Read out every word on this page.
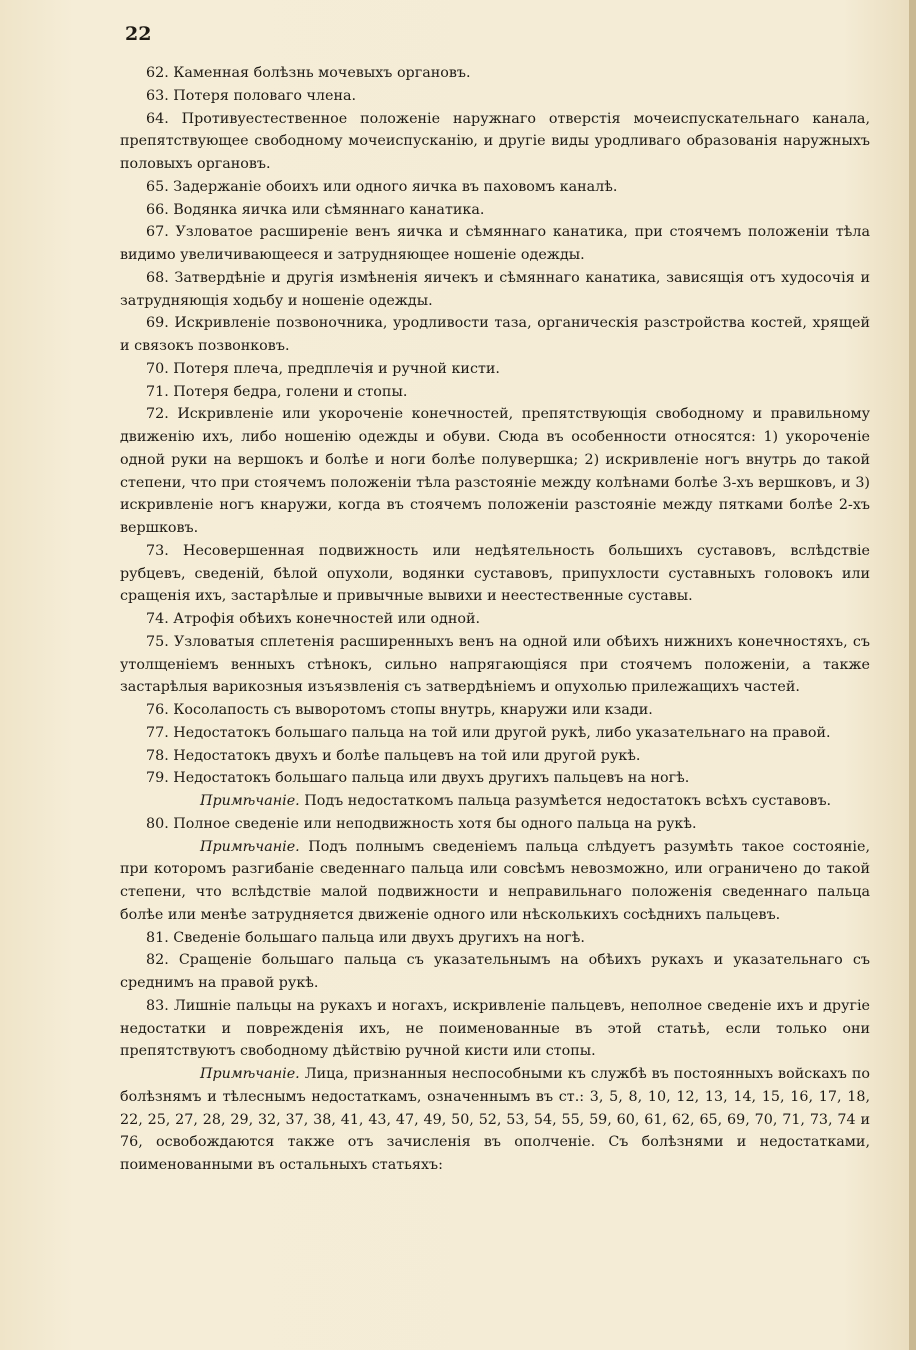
22

62. Каменная болѣзнь мочевыхъ органовъ.

63. Потеря половаго члена.

64. Противуестественное положеніе наружнаго отверстія мочеиспускательнаго канала, препятствующее свободному мочеиспусканію, и другіе виды уродливаго образованія наружныхъ половыхъ органовъ.

65. Задержаніе обоихъ или одного яичка въ паховомъ каналѣ.

66. Водянка яичка или сѣмяннаго канатика.

67. Узловатое расширеніе венъ яичка и сѣмяннаго канатика, при стоячемъ положеніи тѣла видимо увеличивающееся и затрудняющее ношеніе одежды.

68. Затвердѣніе и другія измѣненія яичекъ и сѣмяннаго канатика, зависящія отъ худосочія и затрудняющія ходьбу и ношеніе одежды.

69. Искривленіе позвоночника, уродливости таза, органическія разстройства костей, хрящей и связокъ позвонковъ.

70. Потеря плеча, предплечія и ручной кисти.

71. Потеря бедра, голени и стопы.

72. Искривленіе или укороченіе конечностей, препятствующія свободному и правильному движенію ихъ, либо ношенію одежды и обуви. Сюда въ особенности относятся: 1) укороченіе одной руки на вершокъ и болѣе и ноги болѣе полувершка; 2) искривленіе ногъ внутрь до такой степени, что при стоячемъ положеніи тѣла разстояніе между колѣнами болѣе 3-хъ вершковъ, и 3) искривленіе ногъ кнаружи, когда въ стоячемъ положеніи разстояніе между пятками болѣе 2-хъ вершковъ.

73. Несовершенная подвижность или недѣятельность большихъ суставовъ, вслѣдствіе рубцевъ, сведеній, бѣлой опухоли, водянки суставовъ, припухлости суставныхъ головокъ или сращенія ихъ, застарѣлые и привычные вывихи и неестественные суставы.

74. Атрофія обѣихъ конечностей или одной.

75. Узловатыя сплетенія расширенныхъ венъ на одной или обѣихъ нижнихъ конечностяхъ, съ утолщеніемъ венныхъ стѣнокъ, сильно напрягающіяся при стоячемъ положеніи, а также застарѣлыя варикозныя изъязвленія съ затвердѣніемъ и опухолью прилежащихъ частей.

76. Косолапость съ выворотомъ стопы внутрь, кнаружи или кзади.

77. Недостатокъ большаго пальца на той или другой рукѣ, либо указательнаго на правой.

78. Недостатокъ двухъ и болѣе пальцевъ на той или другой рукѣ.

79. Недостатокъ большаго пальца или двухъ другихъ пальцевъ на ногѣ.

Примѣчаніе. Подъ недостаткомъ пальца разумѣется недостатокъ всѣхъ суставовъ.

80. Полное сведеніе или неподвижность хотя бы одного пальца на рукѣ.

Примѣчаніе. Подъ полнымъ сведеніемъ пальца слѣдуетъ разумѣть такое состояніе, при которомъ разгибаніе сведеннаго пальца или совсѣмъ невозможно, или ограничено до такой степени, что вслѣдствіе малой подвижности и неправильнаго положенія сведеннаго пальца болѣе или менѣе затрудняется движеніе одного или нѣсколькихъ сосѣднихъ пальцевъ.

81. Сведеніе большаго пальца или двухъ другихъ на ногѣ.

82. Сращеніе большаго пальца съ указательнымъ на обѣихъ рукахъ и указательнаго съ среднимъ на правой рукѣ.

83. Лишніе пальцы на рукахъ и ногахъ, искривленіе пальцевъ, неполное сведеніе ихъ и другіе недостатки и поврежденія ихъ, не поименованные въ этой статьѣ, если только они препятствуютъ свободному дѣйствію ручной кисти или стопы.

Примѣчаніе. Лица, признанныя неспособными къ службѣ въ постоянныхъ войскахъ по болѣзнямъ и тѣлеснымъ недостаткамъ, означеннымъ въ ст.: 3, 5, 8, 10, 12, 13, 14, 15, 16, 17, 18, 22, 25, 27, 28, 29, 32, 37, 38, 41, 43, 47, 49, 50, 52, 53, 54, 55, 59, 60, 61, 62, 65, 69, 70, 71, 73, 74 и 76, освобождаются также отъ зачисленія въ ополченіе. Съ болѣзнями и недостатками, поименованными въ остальныхъ статьяхъ:
